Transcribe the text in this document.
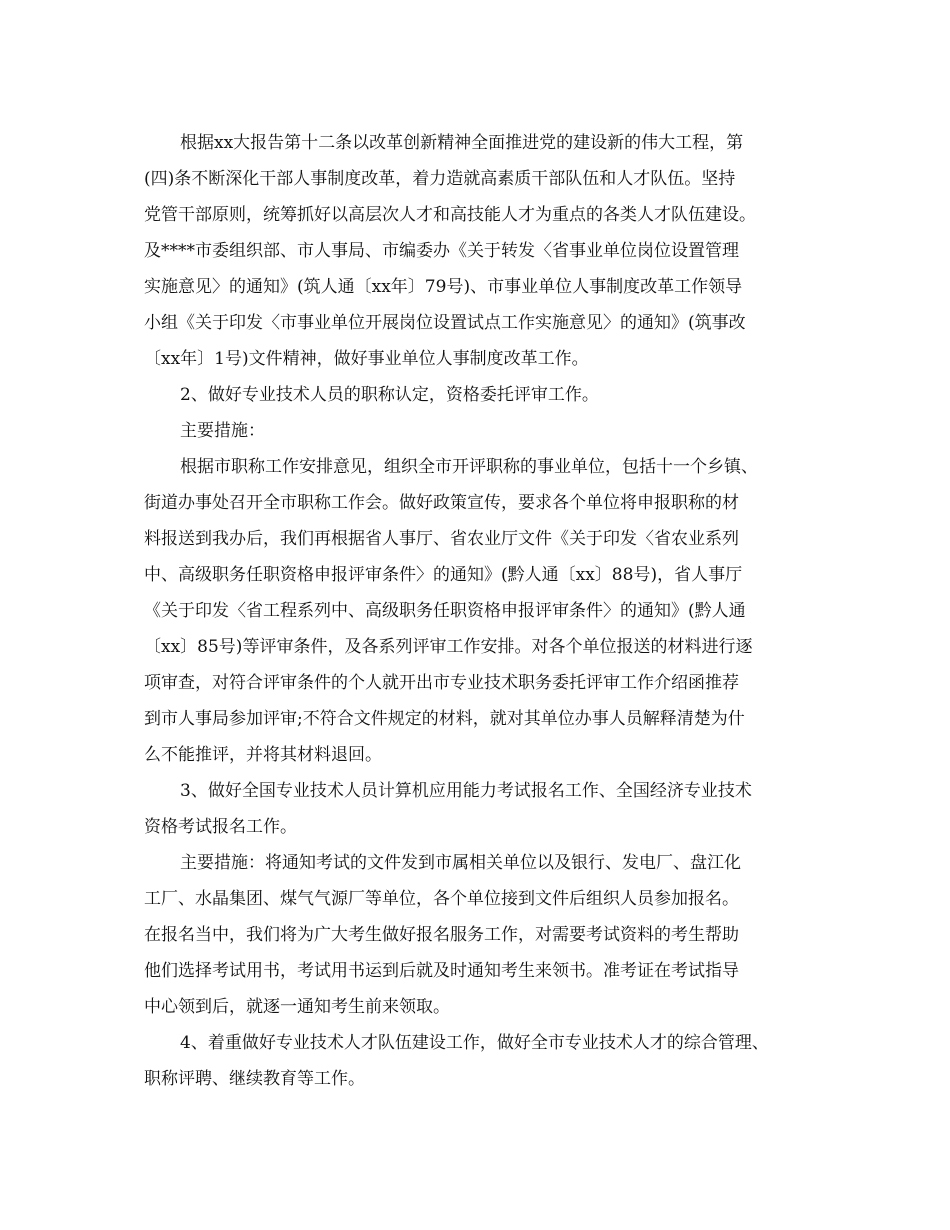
根据xx大报告第十二条以改革创新精神全面推进党的建设新的伟大工程，第
(四)条不断深化干部人事制度改革，着力造就高素质干部队伍和人才队伍。坚持
党管干部原则，统筹抓好以高层次人才和高技能人才为重点的各类人才队伍建设。
及****市委组织部、市人事局、市编委办《关于转发〈省事业单位岗位设置管理
实施意见〉的通知》(筑人通〔xx年〕79号)、市事业单位人事制度改革工作领导
小组《关于印发〈市事业单位开展岗位设置试点工作实施意见〉的通知》(筑事改
〔xx年〕1号)文件精神，做好事业单位人事制度改革工作。
2、做好专业技术人员的职称认定，资格委托评审工作。
主要措施：
根据市职称工作安排意见，组织全市开评职称的事业单位，包括十一个乡镇、
街道办事处召开全市职称工作会。做好政策宣传，要求各个单位将申报职称的材
料报送到我办后，我们再根据省人事厅、省农业厅文件《关于印发〈省农业系列
中、高级职务任职资格申报评审条件〉的通知》(黔人通〔xx〕88号)，省人事厅
《关于印发〈省工程系列中、高级职务任职资格申报评审条件〉的通知》(黔人通
〔xx〕85号)等评审条件，及各系列评审工作安排。对各个单位报送的材料进行逐
项审查，对符合评审条件的个人就开出市专业技术职务委托评审工作介绍函推荐
到市人事局参加评审;不符合文件规定的材料，就对其单位办事人员解释清楚为什
么不能推评，并将其材料退回。
3、做好全国专业技术人员计算机应用能力考试报名工作、全国经济专业技术
资格考试报名工作。
主要措施：将通知考试的文件发到市属相关单位以及银行、发电厂、盘江化
工厂、水晶集团、煤气气源厂等单位，各个单位接到文件后组织人员参加报名。
在报名当中，我们将为广大考生做好报名服务工作，对需要考试资料的考生帮助
他们选择考试用书，考试用书运到后就及时通知考生来领书。准考证在考试指导
中心领到后，就逐一通知考生前来领取。
4、着重做好专业技术人才队伍建设工作，做好全市专业技术人才的综合管理、
职称评聘、继续教育等工作。
